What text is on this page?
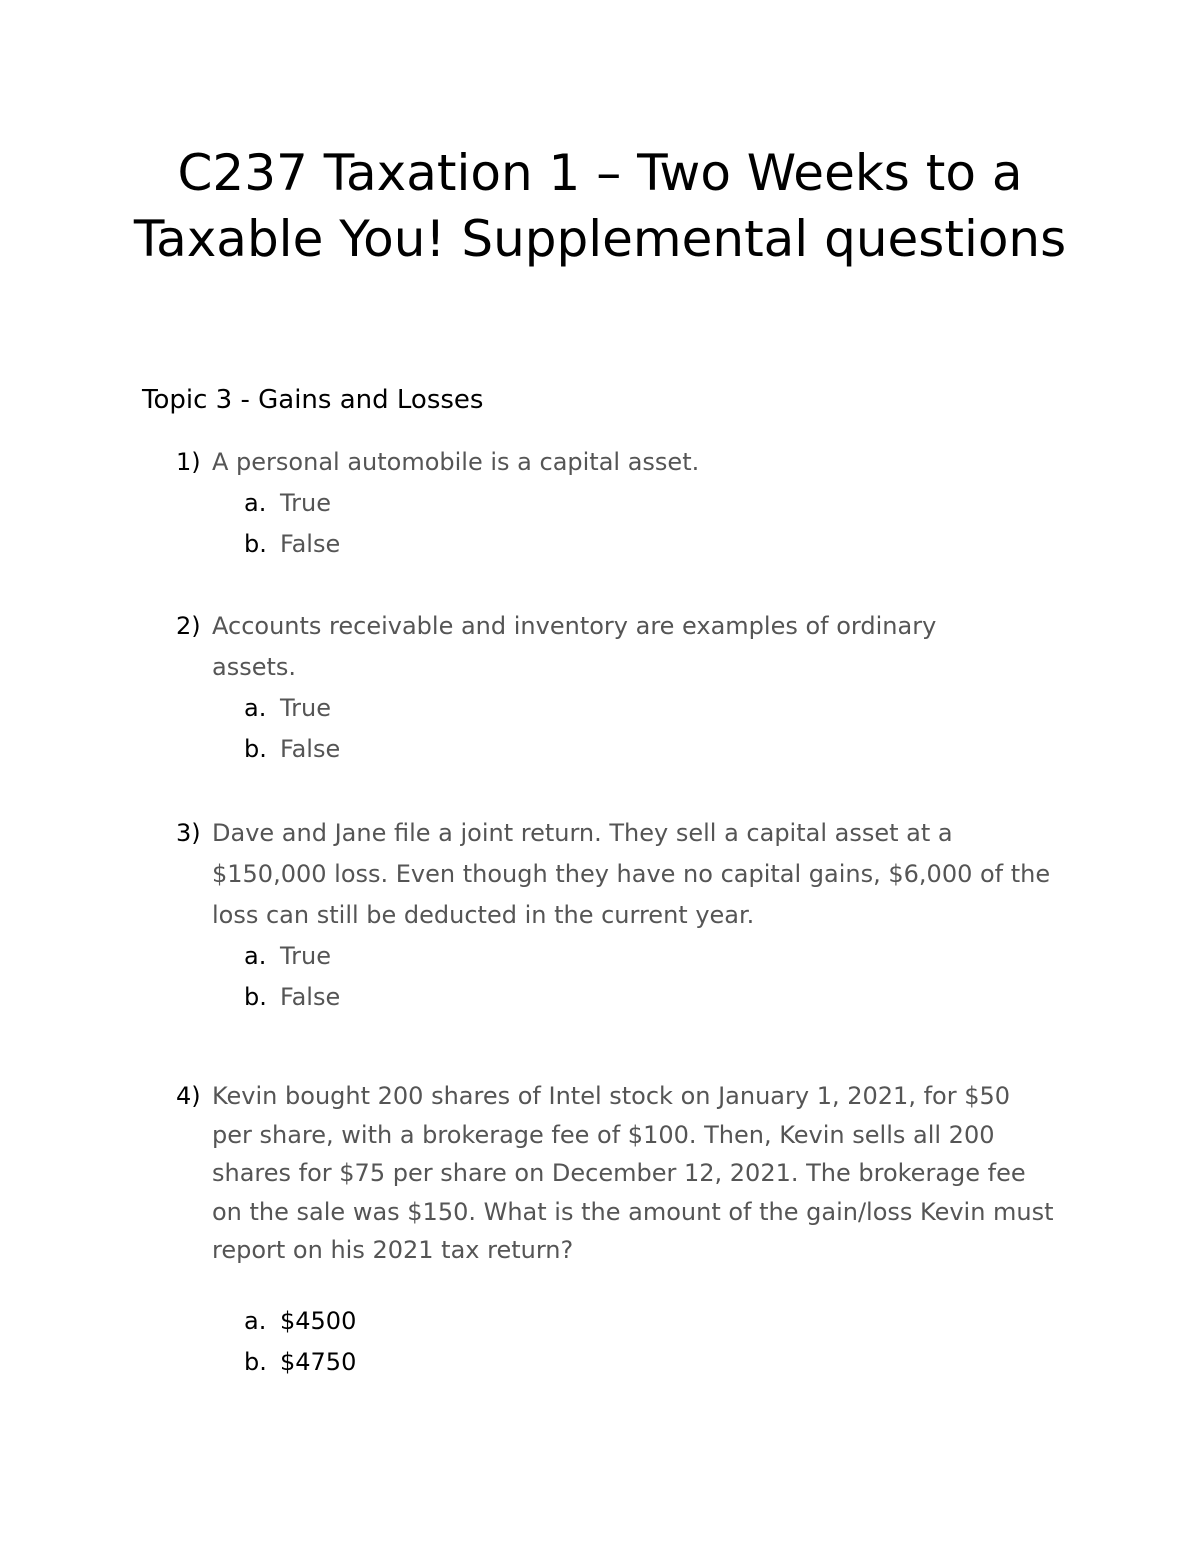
C237 Taxation 1 – Two Weeks to a Taxable You! Supplemental questions
Topic 3 - Gains and Losses
1) A personal automobile is a capital asset.
a. True
b. False
2) Accounts receivable and inventory are examples of ordinary assets.
a. True
b. False
3) Dave and Jane file a joint return. They sell a capital asset at a $150,000 loss. Even though they have no capital gains, $6,000 of the loss can still be deducted in the current year.
a. True
b. False
4) Kevin bought 200 shares of Intel stock on January 1, 2021, for $50 per share, with a brokerage fee of $100. Then, Kevin sells all 200 shares for $75 per share on December 12, 2021. The brokerage fee on the sale was $150. What is the amount of the gain/loss Kevin must report on his 2021 tax return?
a. $4500
b. $4750
